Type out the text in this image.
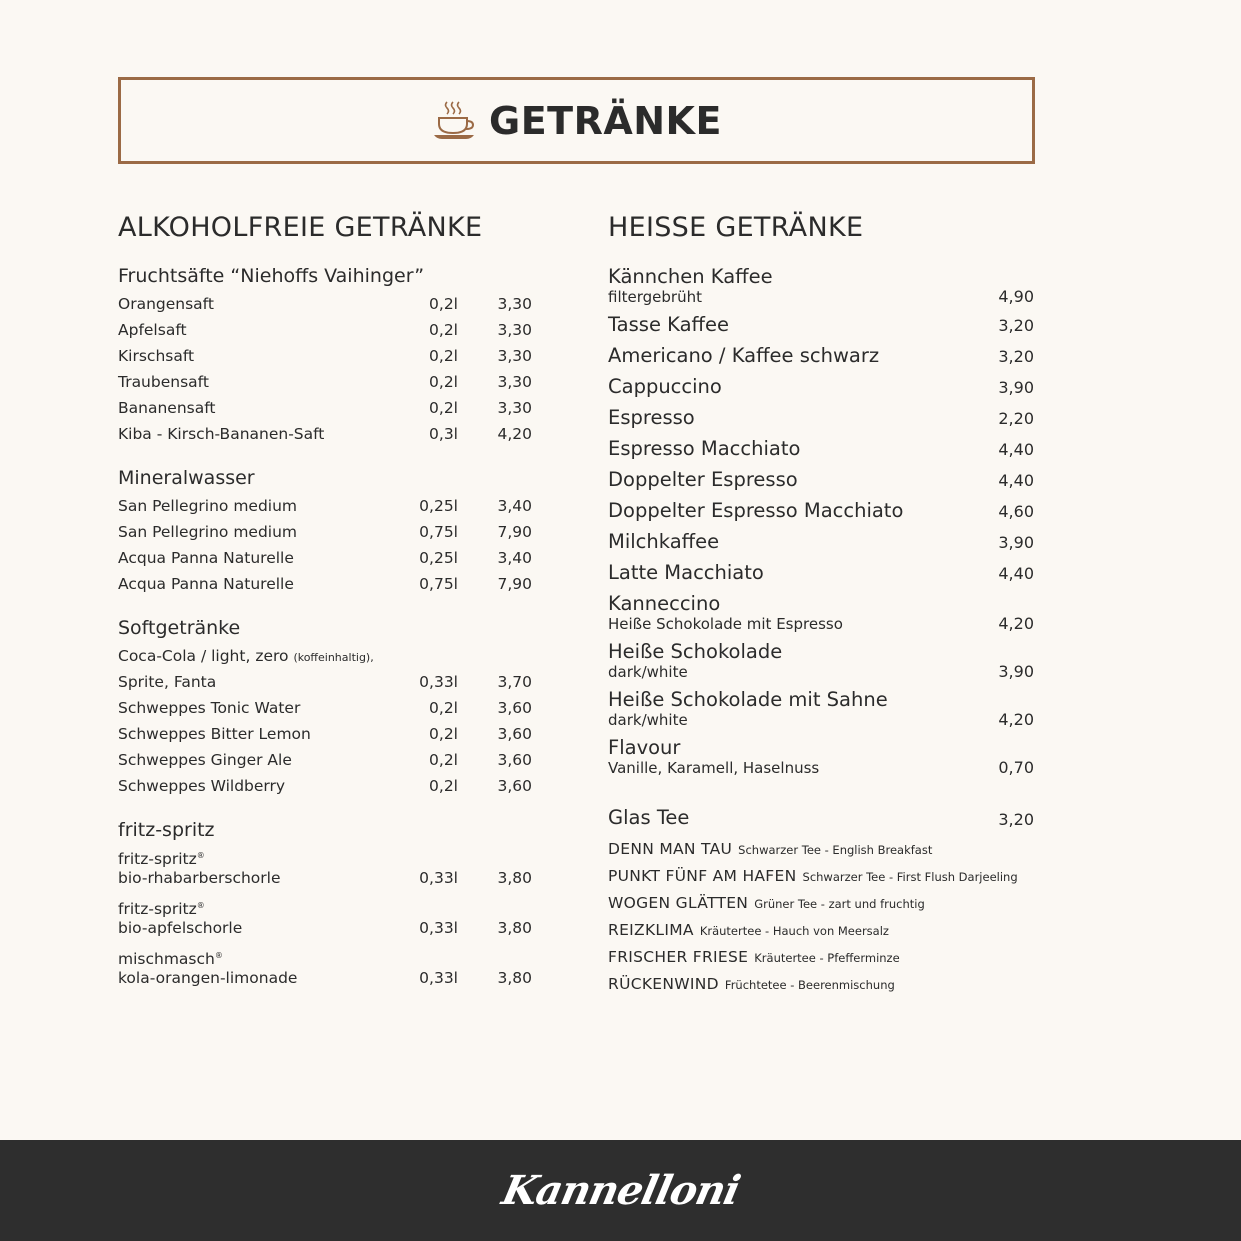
GETRÄNKE
ALKOHOLFREIE GETRÄNKE
Fruchtsäfte “Niehoffs Vaihinger”
Orangensaft	0,2l	3,30
Apfelsaft	0,2l	3,30
Kirschsaft	0,2l	3,30
Traubensaft	0,2l	3,30
Bananensaft	0,2l	3,30
Kiba - Kirsch-Bananen-Saft	0,3l	4,20
Mineralwasser
San Pellegrino medium	0,25l	3,40
San Pellegrino medium	0,75l	7,90
Acqua Panna Naturelle	0,25l	3,40
Acqua Panna Naturelle	0,75l	7,90
Softgetränke
Coca-Cola / light, zero (koffeinhaltig),
Sprite, Fanta	0,33l	3,70
Schweppes Tonic Water	0,2l	3,60
Schweppes Bitter Lemon	0,2l	3,60
Schweppes Ginger Ale	0,2l	3,60
Schweppes Wildberry	0,2l	3,60
fritz-spritz
fritz-spritz®
bio-rhabarberschorle	0,33l	3,80
fritz-spritz®
bio-apfelschorle	0,33l	3,80
mischmasch®
kola-orangen-limonade	0,33l	3,80
HEISSE GETRÄNKE
Kännchen Kaffee
filtergebrüht	4,90
Tasse Kaffee	3,20
Americano / Kaffee schwarz	3,20
Cappuccino	3,90
Espresso	2,20
Espresso Macchiato	4,40
Doppelter Espresso	4,40
Doppelter Espresso Macchiato	4,60
Milchkaffee	3,90
Latte Macchiato	4,40
Kanneccino
Heiße Schokolade mit Espresso	4,20
Heiße Schokolade
dark/white	3,90
Heiße Schokolade mit Sahne
dark/white	4,20
Flavour
Vanille, Karamell, Haselnuss	0,70
Glas Tee	3,20
DENN MAN TAU Schwarzer Tee - English Breakfast
PUNKT FÜNF AM HAFEN Schwarzer Tee - First Flush Darjeeling
WOGEN GLÄTTEN Grüner Tee - zart und fruchtig
REIZKLIMA Kräutertee - Hauch von Meersalz
FRISCHER FRIESE Kräutertee - Pfefferminze
RÜCKENWIND Früchtetee - Beerenmischung
Kannelloni
